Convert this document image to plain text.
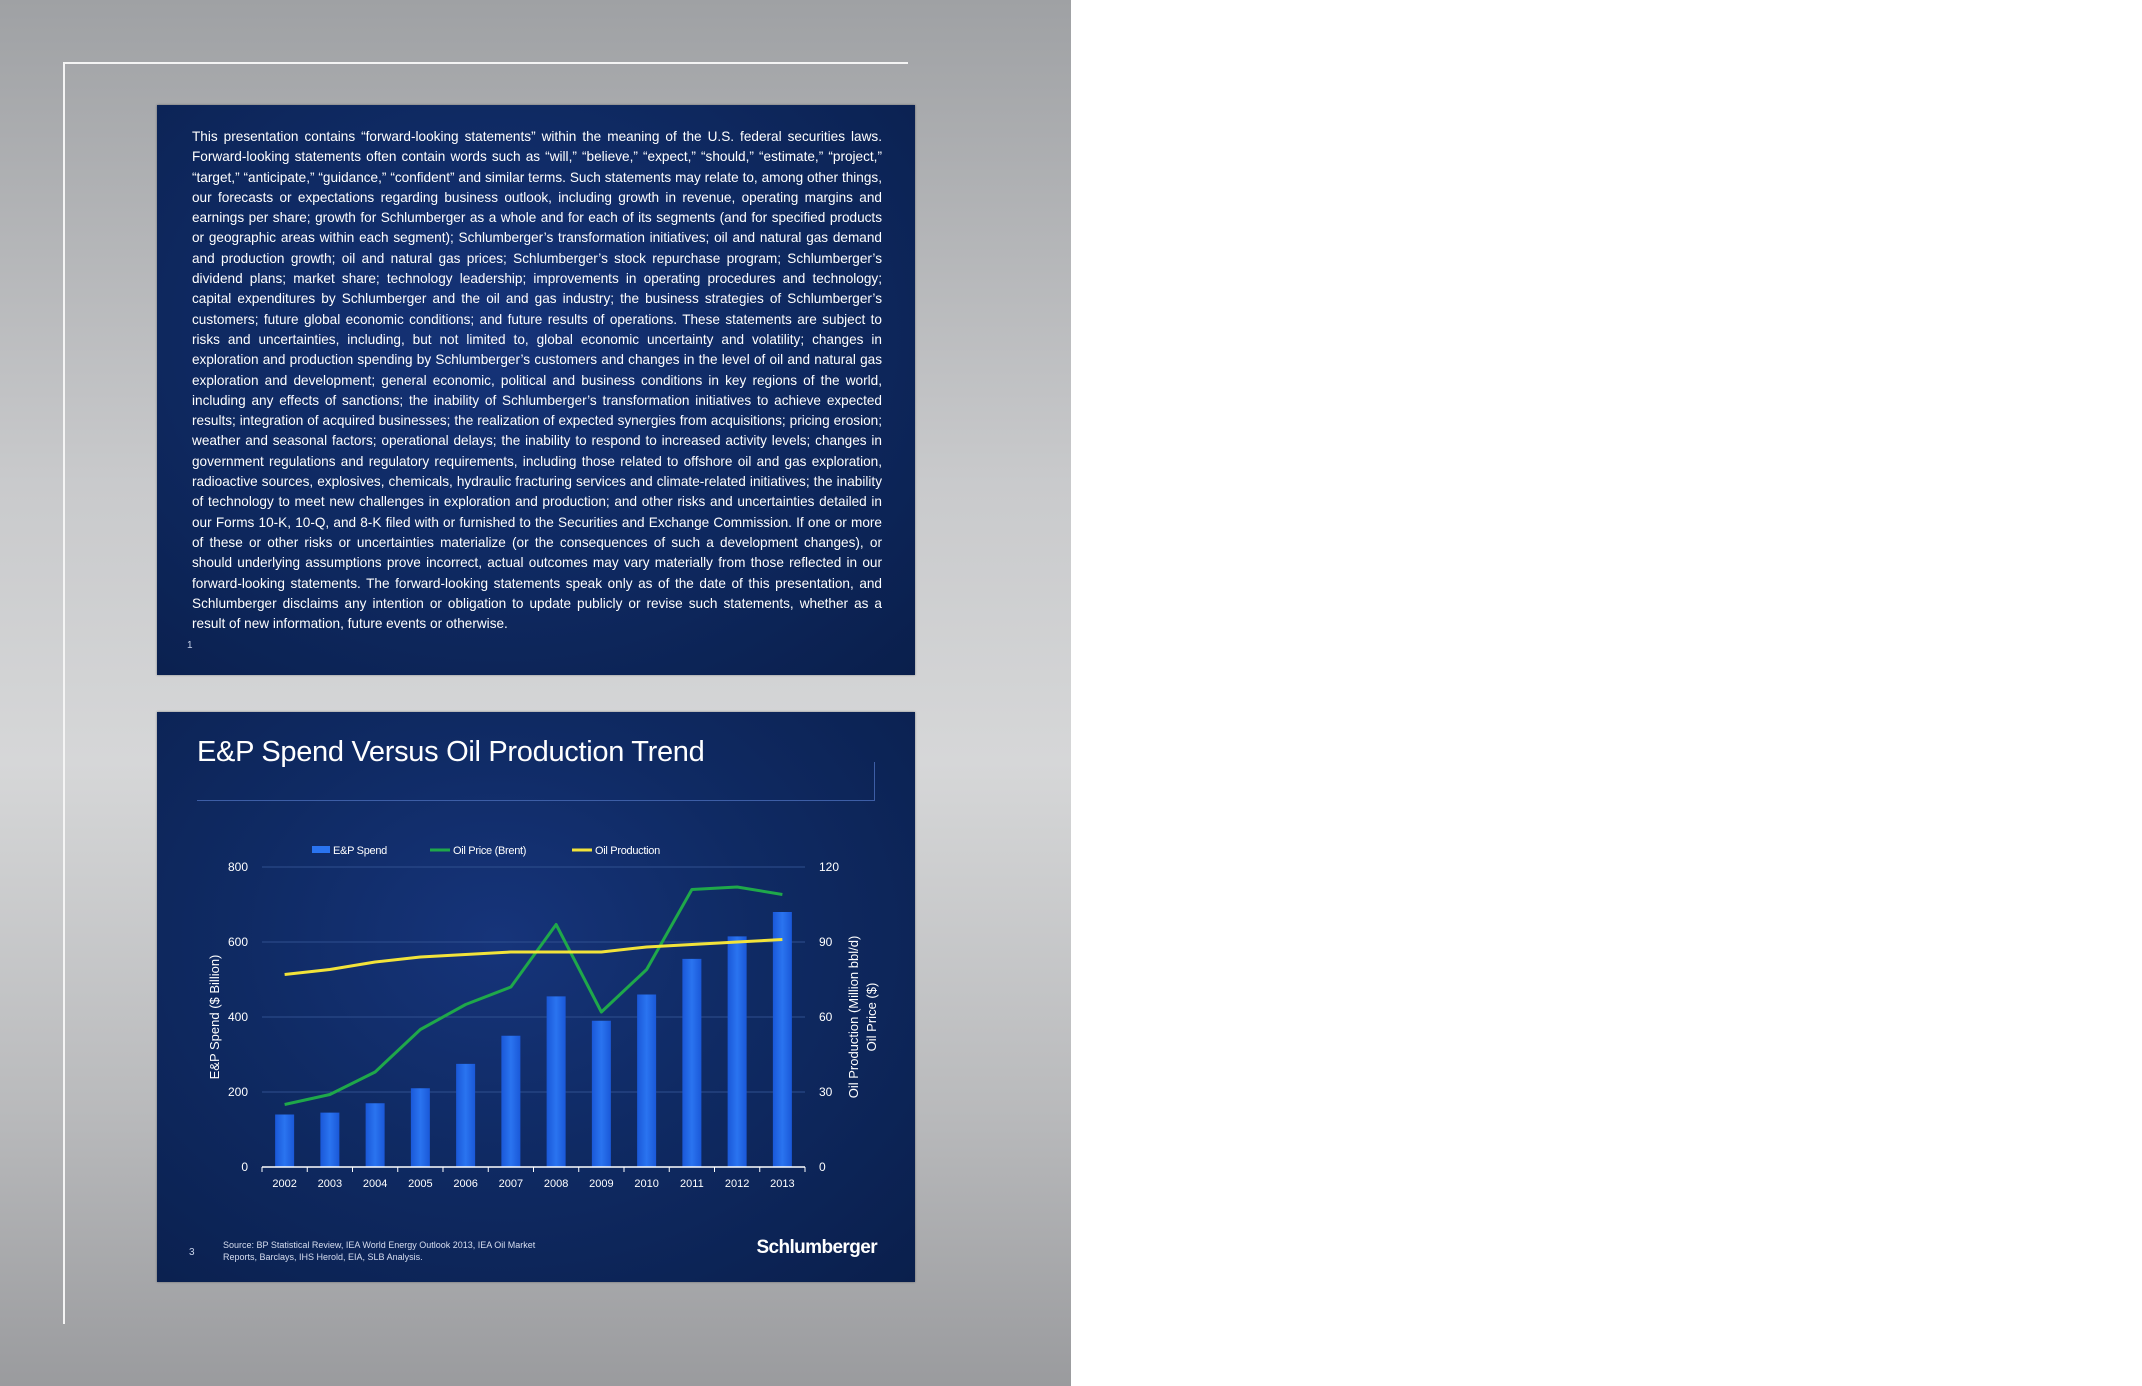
This presentation contains “forward-looking statements” within the meaning of the U.S. federal securities laws. Forward-looking statements often contain words such as “will,” “believe,” “expect,” “should,” “estimate,” “project,” “target,” “anticipate,” “guidance,” “confident” and similar terms. Such statements may relate to, among other things, our forecasts or expectations regarding business outlook, including growth in revenue, operating margins and earnings per share; growth for Schlumberger as a whole and for each of its segments (and for specified products or geographic areas within each segment); Schlumberger’s transformation initiatives; oil and natural gas demand and production growth; oil and natural gas prices; Schlumberger’s stock repurchase program; Schlumberger’s dividend plans; market share; technology leadership; improvements in operating procedures and technology; capital expenditures by Schlumberger and the oil and gas industry; the business strategies of Schlumberger’s customers; future global economic conditions; and future results of operations. These statements are subject to risks and uncertainties, including, but not limited to, global economic uncertainty and volatility; changes in exploration and production spending by Schlumberger’s customers and changes in the level of oil and natural gas exploration and development; general economic, political and business conditions in key regions of the world, including any effects of sanctions; the inability of Schlumberger’s transformation initiatives to achieve expected results; integration of acquired businesses; the realization of expected synergies from acquisitions; pricing erosion; weather and seasonal factors; operational delays; the inability to respond to increased activity levels; changes in government regulations and regulatory requirements, including those related to offshore oil and gas exploration, radioactive sources, explosives, chemicals, hydraulic fracturing services and climate-related initiatives; the inability of technology to meet new challenges in exploration and production; and other risks and uncertainties detailed in our Forms 10-K, 10-Q, and 8-K filed with or furnished to the Securities and Exchange Commission. If one or more of these or other risks or uncertainties materialize (or the consequences of such a development changes), or should underlying assumptions prove incorrect, actual outcomes may vary materially from those reflected in our forward-looking statements. The forward-looking statements speak only as of the date of this presentation, and Schlumberger disclaims any intention or obligation to update publicly or revise such statements, whether as a result of new information, future events or otherwise.

1
E&P Spend Versus Oil Production Trend
0
200
400
600
800
0
30
60
90
120
2002 2003 2004 2005 2006 2007 2008 2009 2010 2011 2012 2013
E&P Spend ($ Billion)	Oil Production (Million bbl/d) Oil Price ($)
E&P Spend	Oil Price (Brent)	Oil Production
3

Source: BP Statistical Review, IEA World Energy Outlook 2013, IEA Oil Market Reports, Barclays, IHS Herold, EIA, SLB Analysis.	Schlumberger
